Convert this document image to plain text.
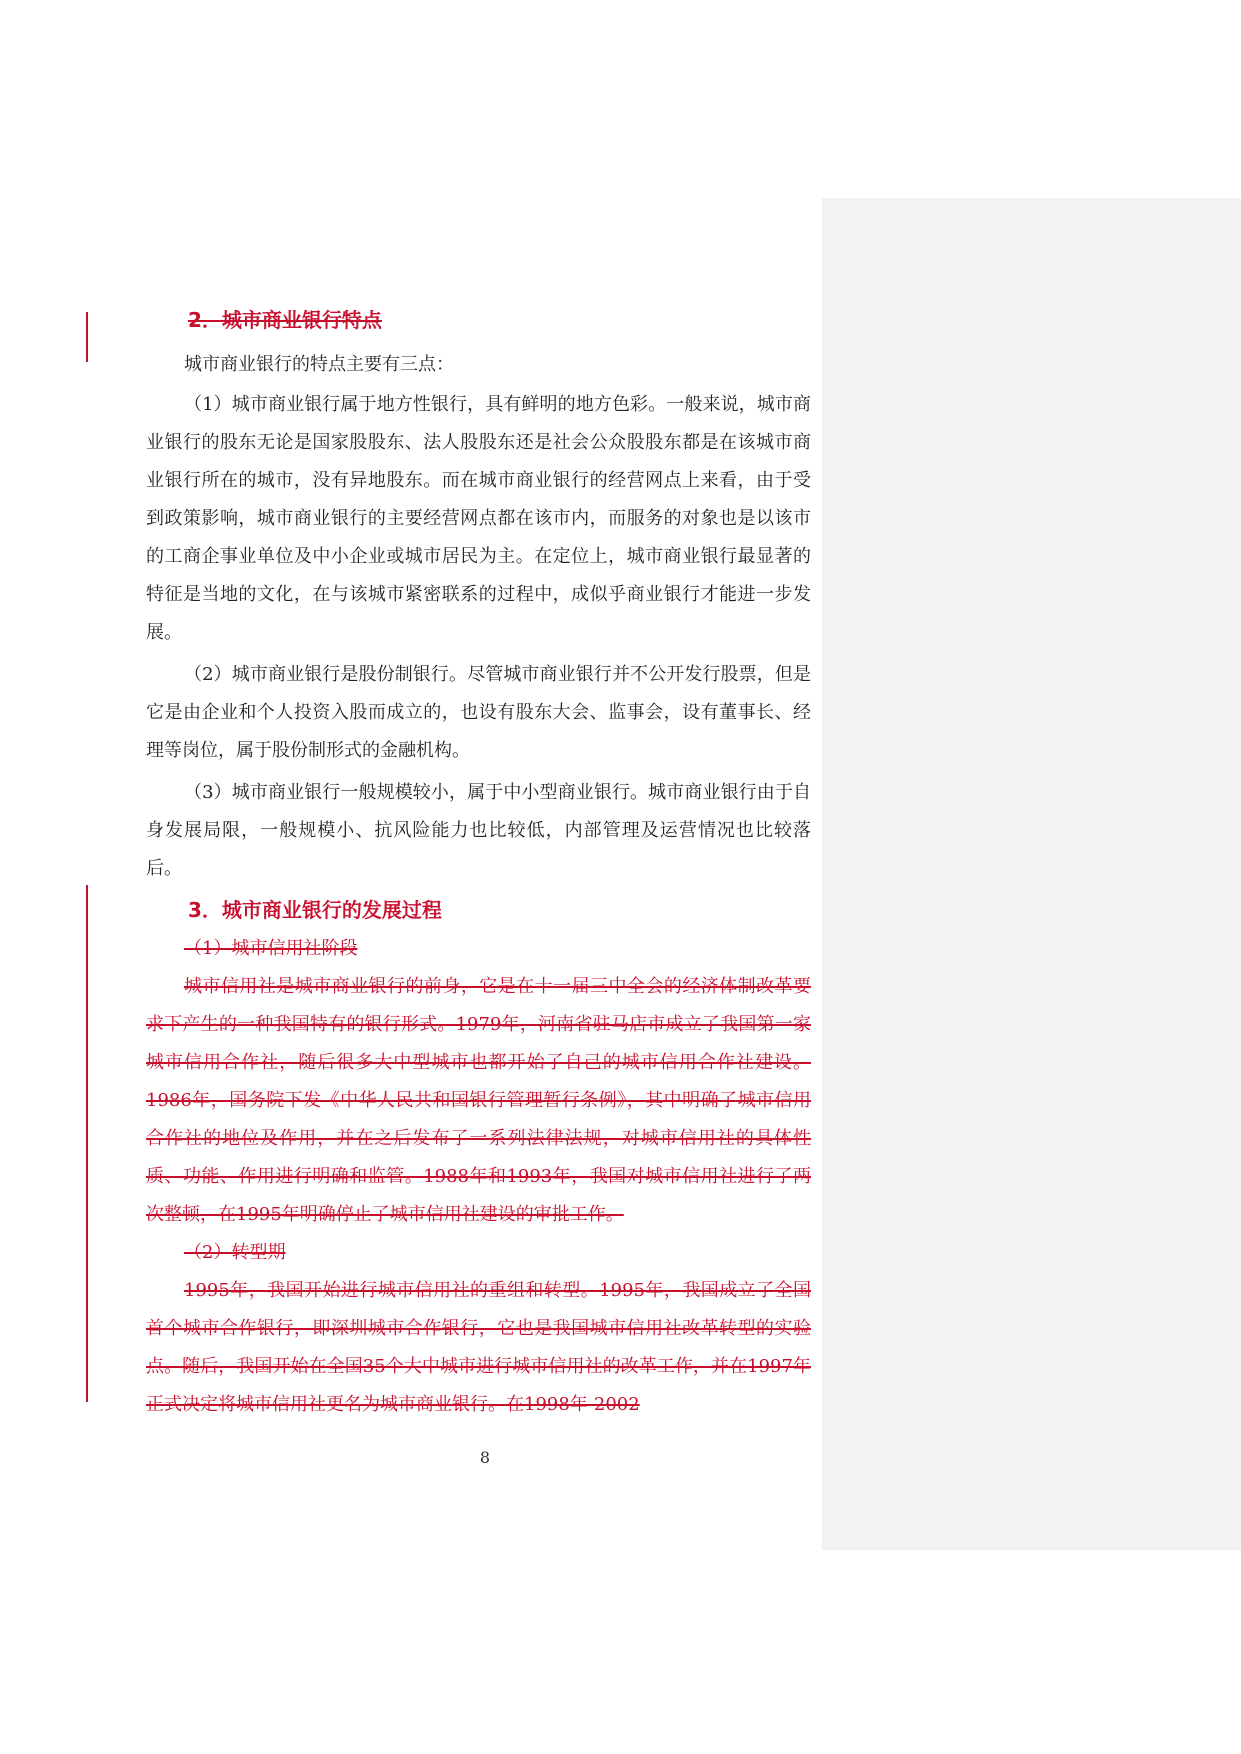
2．城市商业银行特点

城市商业银行的特点主要有三点：

（1）城市商业银行属于地方性银行，具有鲜明的地方色彩。一般来说，城市商业银行的股东无论是国家股股东、法人股股东还是社会公众股股东都是在该城市商业银行所在的城市，没有异地股东。而在城市商业银行的经营网点上来看，由于受到政策影响，城市商业银行的主要经营网点都在该市内，而服务的对象也是以该市的工商企事业单位及中小企业或城市居民为主。在定位上，城市商业银行最显著的特征是当地的文化，在与该城市紧密联系的过程中，成似乎商业银行才能进一步发展。

（2）城市商业银行是股份制银行。尽管城市商业银行并不公开发行股票，但是它是由企业和个人投资入股而成立的，也设有股东大会、监事会，设有董事长、经理等岗位，属于股份制形式的金融机构。

（3）城市商业银行一般规模较小，属于中小型商业银行。城市商业银行由于自身发展局限，一般规模小、抗风险能力也比较低，内部管理及运营情况也比较落后。

3．城市商业银行的发展过程

（1）城市信用社阶段

城市信用社是城市商业银行的前身，它是在十一届三中全会的经济体制改革要求下产生的一种我国特有的银行形式。1979年，河南省驻马店市成立了我国第一家城市信用合作社，随后很多大中型城市也都开始了自己的城市信用合作社建设。1986年，国务院下发《中华人民共和国银行管理暂行条例》，其中明确了城市信用合作社的地位及作用，并在之后发布了一系列法律法规，对城市信用社的具体性质、功能、作用进行明确和监管。1988年和1993年，我国对城市信用社进行了两次整顿，在1995年明确停止了城市信用社建设的审批工作。

（2）转型期

1995年，我国开始进行城市信用社的重组和转型。1995年，我国成立了全国首个城市合作银行，即深圳城市合作银行，它也是我国城市信用社改革转型的实验点。随后，我国开始在全国35个大中城市进行城市信用社的改革工作，并在1997年正式决定将城市信用社更名为城市商业银行。在1998年-2002

8
